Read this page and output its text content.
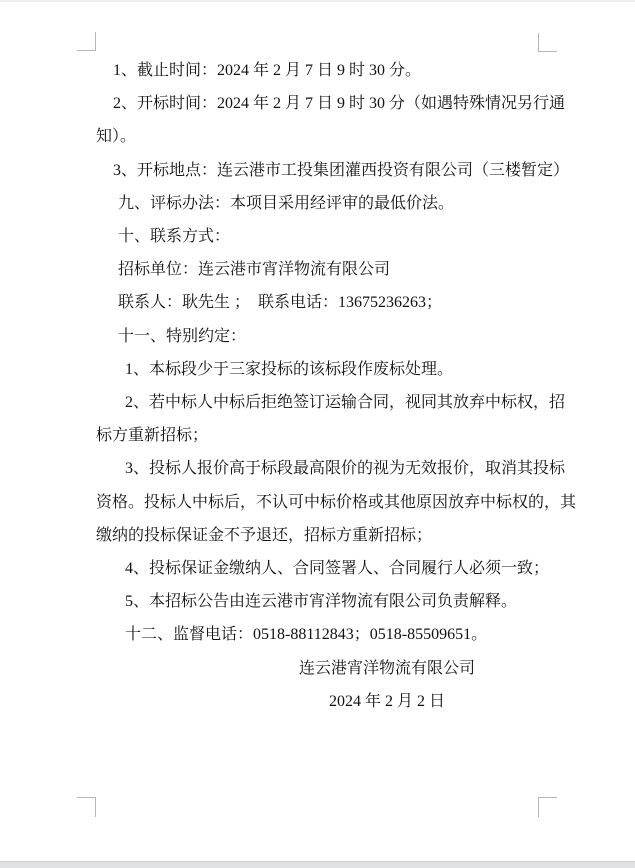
1、截止时间：2024 年 2 月 7 日 9 时 30 分。

2、开标时间：2024 年 2 月 7 日 9 时 30 分（如遇特殊情况另行通

知）。

3、开标地点：连云港市工投集团灌西投资有限公司（三楼暂定）

九、评标办法：本项目采用经评审的最低价法。

十、联系方式：

招标单位：连云港市宵洋物流有限公司

联系人：耿先生 ；　联系电话：13675236263；

十一、特别约定：

1、本标段少于三家投标的该标段作废标处理。

2、若中标人中标后拒绝签订运输合同，视同其放弃中标权，招

标方重新招标；

3、投标人报价高于标段最高限价的视为无效报价，取消其投标

资格。投标人中标后，不认可中标价格或其他原因放弃中标权的，其

缴纳的投标保证金不予退还，招标方重新招标；

4、投标保证金缴纳人、合同签署人、合同履行人必须一致；

5、本招标公告由连云港市宵洋物流有限公司负责解释。

十二、监督电话：0518-88112843；0518-85509651。

连云港宵洋物流有限公司

2024 年 2 月 2 日
